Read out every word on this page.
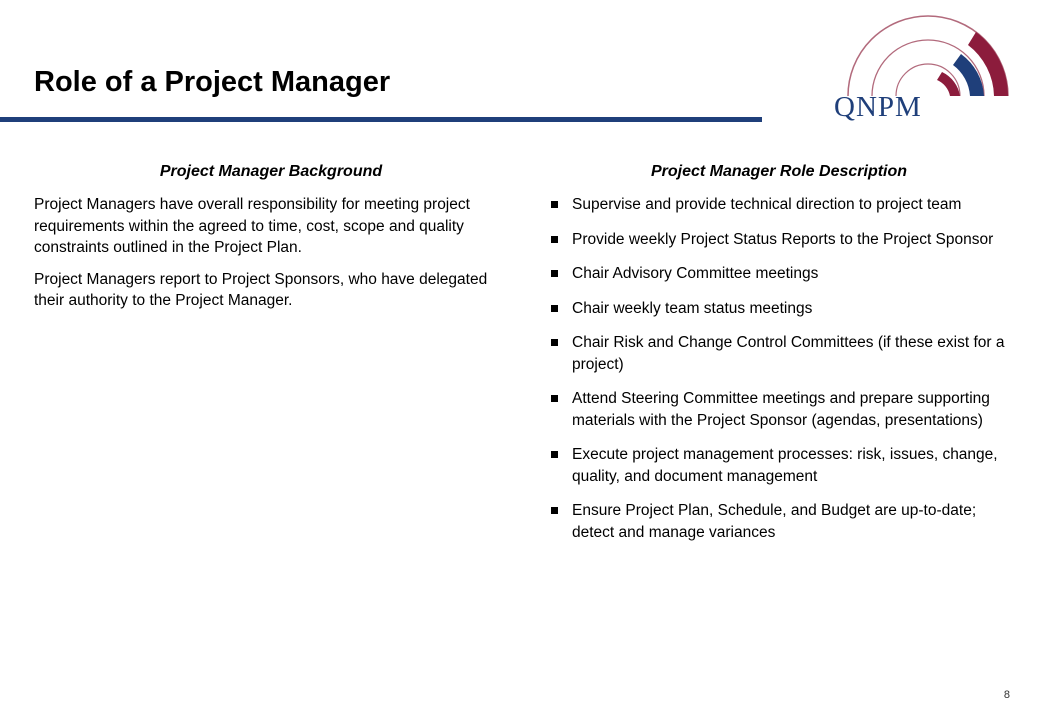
Role of a Project Manager
QNPM
Project Manager Background

Project Managers have overall responsibility for meeting project requirements within the agreed to time, cost, scope and quality constraints outlined in the Project Plan.

Project Managers report to Project Sponsors, who have delegated their authority to the Project Manager.

Project Manager Role Description
Supervise and provide technical direction to project team
Provide weekly Project Status Reports to the Project Sponsor
Chair Advisory Committee meetings
Chair weekly team status meetings
Chair Risk and Change Control Committees (if these exist for a project)
Attend Steering Committee meetings and prepare supporting materials with the Project Sponsor (agendas, presentations)
Execute project management processes: risk, issues, change, quality, and document management
Ensure Project Plan, Schedule, and Budget are up-to-date; detect and manage variances
8
